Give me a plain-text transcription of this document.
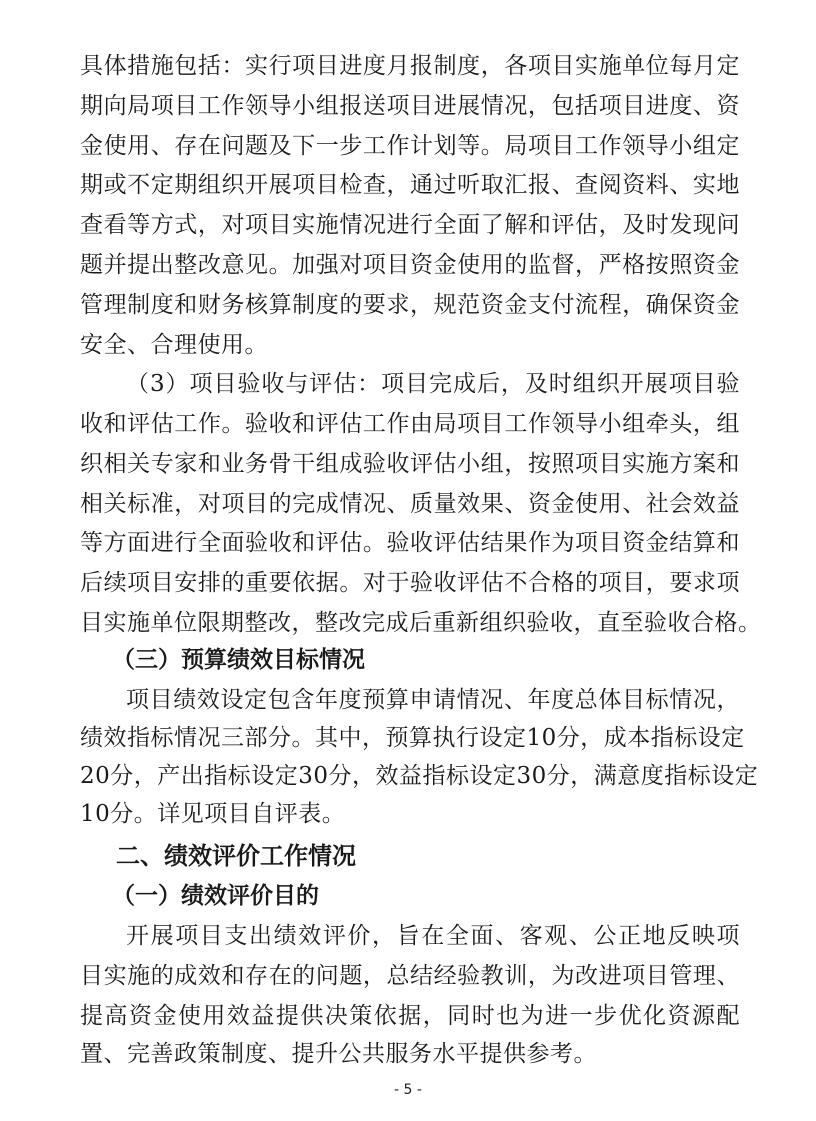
具体措施包括：实行项目进度月报制度，各项目实施单位每月定
期向局项目工作领导小组报送项目进展情况，包括项目进度、资
金使用、存在问题及下一步工作计划等。局项目工作领导小组定
期或不定期组织开展项目检查，通过听取汇报、查阅资料、实地
查看等方式，对项目实施情况进行全面了解和评估，及时发现问
题并提出整改意见。加强对项目资金使用的监督，严格按照资金
管理制度和财务核算制度的要求，规范资金支付流程，确保资金
安全、合理使用。
（3）项目验收与评估：项目完成后，及时组织开展项目验
收和评估工作。验收和评估工作由局项目工作领导小组牵头，组
织相关专家和业务骨干组成验收评估小组，按照项目实施方案和
相关标准，对项目的完成情况、质量效果、资金使用、社会效益
等方面进行全面验收和评估。验收评估结果作为项目资金结算和
后续项目安排的重要依据。对于验收评估不合格的项目，要求项
目实施单位限期整改，整改完成后重新组织验收，直至验收合格。
（三）预算绩效目标情况
项目绩效设定包含年度预算申请情况、年度总体目标情况，
绩效指标情况三部分。其中，预算执行设定10分，成本指标设定
20分，产出指标设定30分，效益指标设定30分，满意度指标设定
10分。详见项目自评表。
二、绩效评价工作情况
（一）绩效评价目的
开展项目支出绩效评价，旨在全面、客观、公正地反映项
目实施的成效和存在的问题，总结经验教训，为改进项目管理、
提高资金使用效益提供决策依据，同时也为进一步优化资源配
置、完善政策制度、提升公共服务水平提供参考。
- 5 -
